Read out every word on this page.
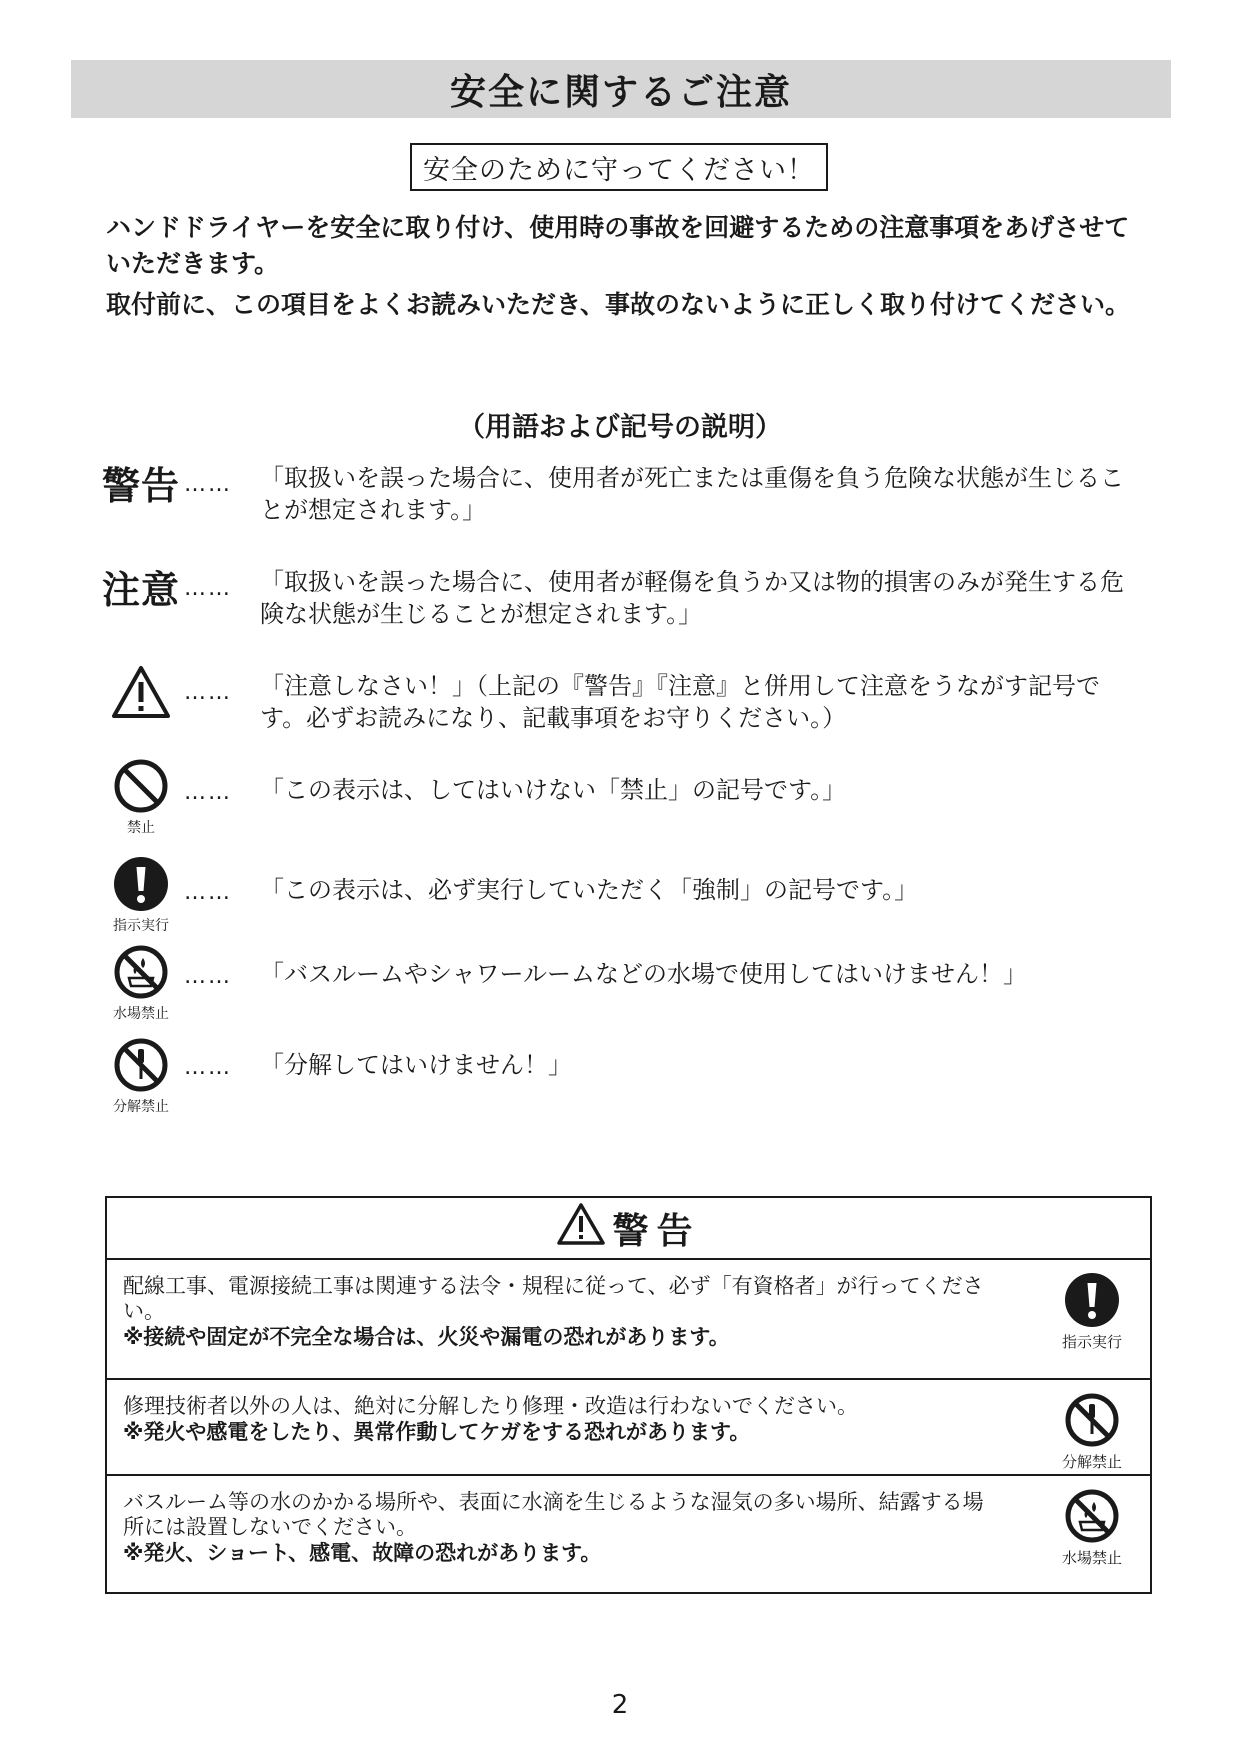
安全に関するご注意
安全のために守ってください！

ハンドドライヤーを安全に取り付け、使用時の事故を回避するための注意事項をあげさせていただきます。

取付前に、この項目をよくお読みいただき、事故のないように正しく取り付けてください。

（用語および記号の説明）
警告 …… 「取扱いを誤った場合に、使用者が死亡または重傷を負う危険な状態が生じることが想定されます。」
注意 …… 「取扱いを誤った場合に、使用者が軽傷を負うか又は物的損害のみが発生する危険な状態が生じることが想定されます。」
…… 「注意しなさい！」（上記の『警告』『注意』と併用して注意をうながす記号です。必ずお読みになり、記載事項をお守りください。）
禁止
…… 「この表示は、してはいけない「禁止」の記号です。」
指示実行
…… 「この表示は、必ず実行していただく「強制」の記号です。」
水場禁止
…… 「バスルームやシャワールームなどの水場で使用してはいけません！」
分解禁止
…… 「分解してはいけません！」
警告

配線工事、電源接続工事は関連する法令・規程に従って、必ず「有資格者」が行ってください。

※接続や固定が不完全な場合は、火災や漏電の恐れがあります。	指示実行

修理技術者以外の人は、絶対に分解したり修理・改造は行わないでください。

※発火や感電をしたり、異常作動してケガをする恐れがあります。

分解禁止

バスルーム等の水のかかる場所や、表面に水滴を生じるような湿気の多い場所、結露する場所には設置しないでください。

※発火、ショート、感電、故障の恐れがあります。	水場禁止
2
